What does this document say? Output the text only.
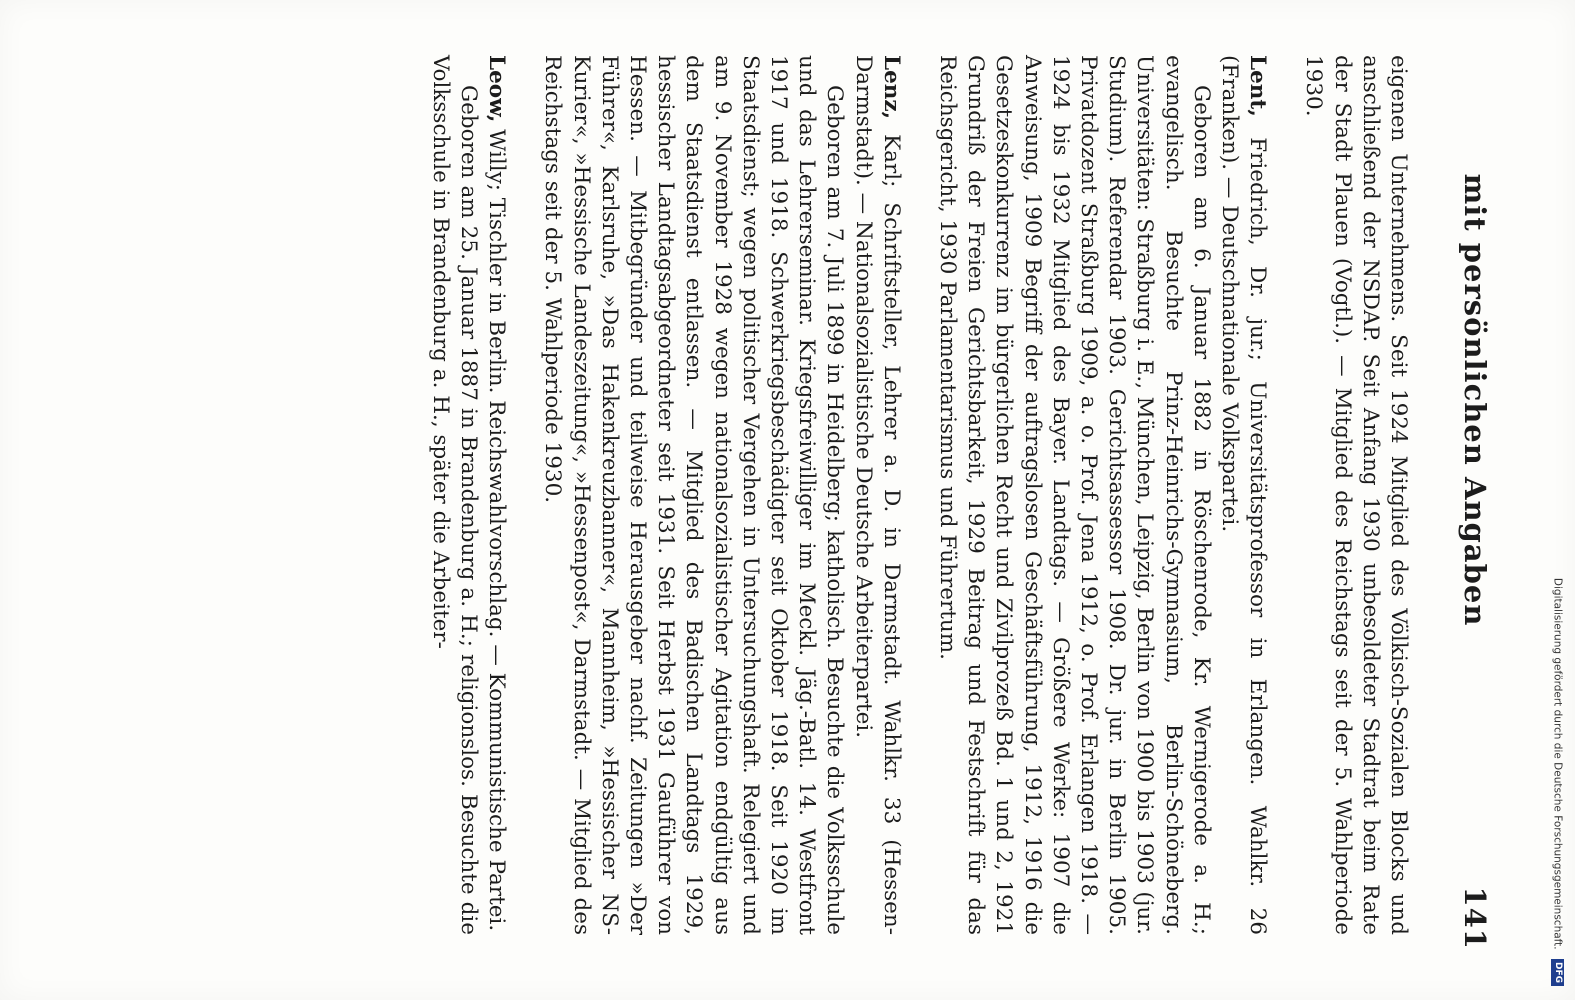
mit persönlichen Angaben
141

eigenen Unternehmens. Seit 1924 Mitglied des Völkisch-Sozialen Blocks und anschließend der NSDAP. Seit Anfang 1930 unbesoldeter Stadtrat beim Rate der Stadt Plauen (Vogtl.). — Mitglied des Reichstags seit der 5. Wahlperiode 1930.

Lent, Friedrich, Dr. jur.; Universitätsprofessor in Erlangen. Wahlkr. 26 (Franken). — Deutschnationale Volkspartei.

Geboren am 6. Januar 1882 in Röschenrode, Kr. Wernigerode a. H.; evangelisch. Besuchte Prinz-Heinrichs-Gymnasium, Berlin-Schöneberg. Universitäten: Straßburg i. E., München, Leipzig, Berlin von 1900 bis 1903 (jur. Studium). Referendar 1903. Gerichtsassessor 1908. Dr. jur. in Berlin 1905. Privatdozent Straßburg 1909, a. o. Prof. Jena 1912, o. Prof. Erlangen 1918. — 1924 bis 1932 Mitglied des Bayer. Landtags. — Größere Werke: 1907 die Anweisung, 1909 Begriff der auftragslosen Geschäftsführung, 1912, 1916 die Gesetzeskonkurrenz im bürgerlichen Recht und Zivilprozeß Bd. 1 und 2, 1921 Grundriß der Freien Gerichtsbarkeit, 1929 Beitrag und Festschrift für das Reichsgericht, 1930 Parlamentarismus und Führertum.

Lenz, Karl; Schriftsteller, Lehrer a. D. in Darmstadt. Wahlkr. 33 (Hessen-Darmstadt). — Nationalsozialistische Deutsche Arbeiterpartei.

Geboren am 7. Juli 1899 in Heidelberg; katholisch. Besuchte die Volksschule und das Lehrerseminar. Kriegsfreiwilliger im Meckl. Jäg.-Batl. 14. Westfront 1917 und 1918. Schwerkriegsbeschädigter seit Oktober 1918. Seit 1920 im Staatsdienst; wegen politischer Vergehen in Untersuchungshaft. Relegiert und am 9. November 1928 wegen nationalsozialistischer Agitation endgültig aus dem Staatsdienst entlassen. — Mitglied des Badischen Landtags 1929, hessischer Landtagsabgeordneter seit 1931. Seit Herbst 1931 Gauführer von Hessen. — Mitbegründer und teilweise Herausgeber nachf. Zeitungen »Der Führer«, Karlsruhe, »Das Hakenkreuzbanner«, Mannheim, »Hessischer NS-Kurier«, »Hessische Landeszeitung«, »Hessenpost«, Darmstadt. — Mitglied des Reichstags seit der 5. Wahlperiode 1930.

Leow, Willy; Tischler in Berlin. Reichswahlvorschlag. — Kommunistische Partei.

Geboren am 25. Januar 1887 in Brandenburg a. H.; religionslos. Besuchte die Volksschule in Brandenburg a. H., später die Arbeiter-

Digitalisierung gefördert durch die Deutsche Forschungsgemeinschaft. DFG
